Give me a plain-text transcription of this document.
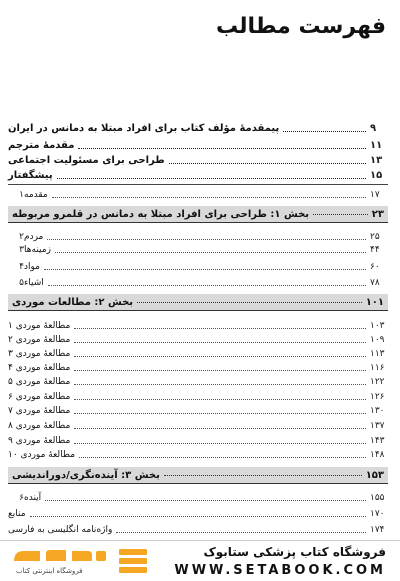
فهرست مطالب
پیمقدمۀ مؤلف کتاب برای افراد مبتلا به دمانس در ایران	۹
مقدمۀ مترجم	۱۱
طراحی برای مسئولیت اجتماعی	۱۳
پیشگفتار	۱۵
۱ مقدمه	۱۷
بخش ۱: طراحی برای افراد مبتلا به دمانس در قلمرو مربوطه	۲۳
۲ مردم	۲۵
۳ زمینه‌ها	۴۴
۴ مواد	۶۰
۵ اشیاء	۷۸
بخش ۲: مطالعات موردی	۱۰۱
مطالعۀ موردی ۱	۱۰۳
مطالعۀ موردی ۲	۱۰۹
مطالعۀ موردی ۳	۱۱۳
مطالعۀ موردی ۴	۱۱۶
مطالعۀ موردی ۵	۱۲۲
مطالعۀ موردی ۶	۱۲۶
مطالعۀ موردی ۷	۱۳۰
مطالعۀ موردی ۸	۱۳۷
مطالعۀ موردی ۹	۱۴۳
مطالعۀ موردی ۱۰	۱۴۸
بخش ۳: آینده‌نگری/دوراندیشی	۱۵۳
۶ آینده	۱۵۵
منابع	۱۷۰
واژه‌نامه انگلیسی به فارسی	۱۷۴
فروشگاه اینترنتی کتاب
فروشگاه کتاب پزشکی ستابوک
WWW.SETABOOK.COM
